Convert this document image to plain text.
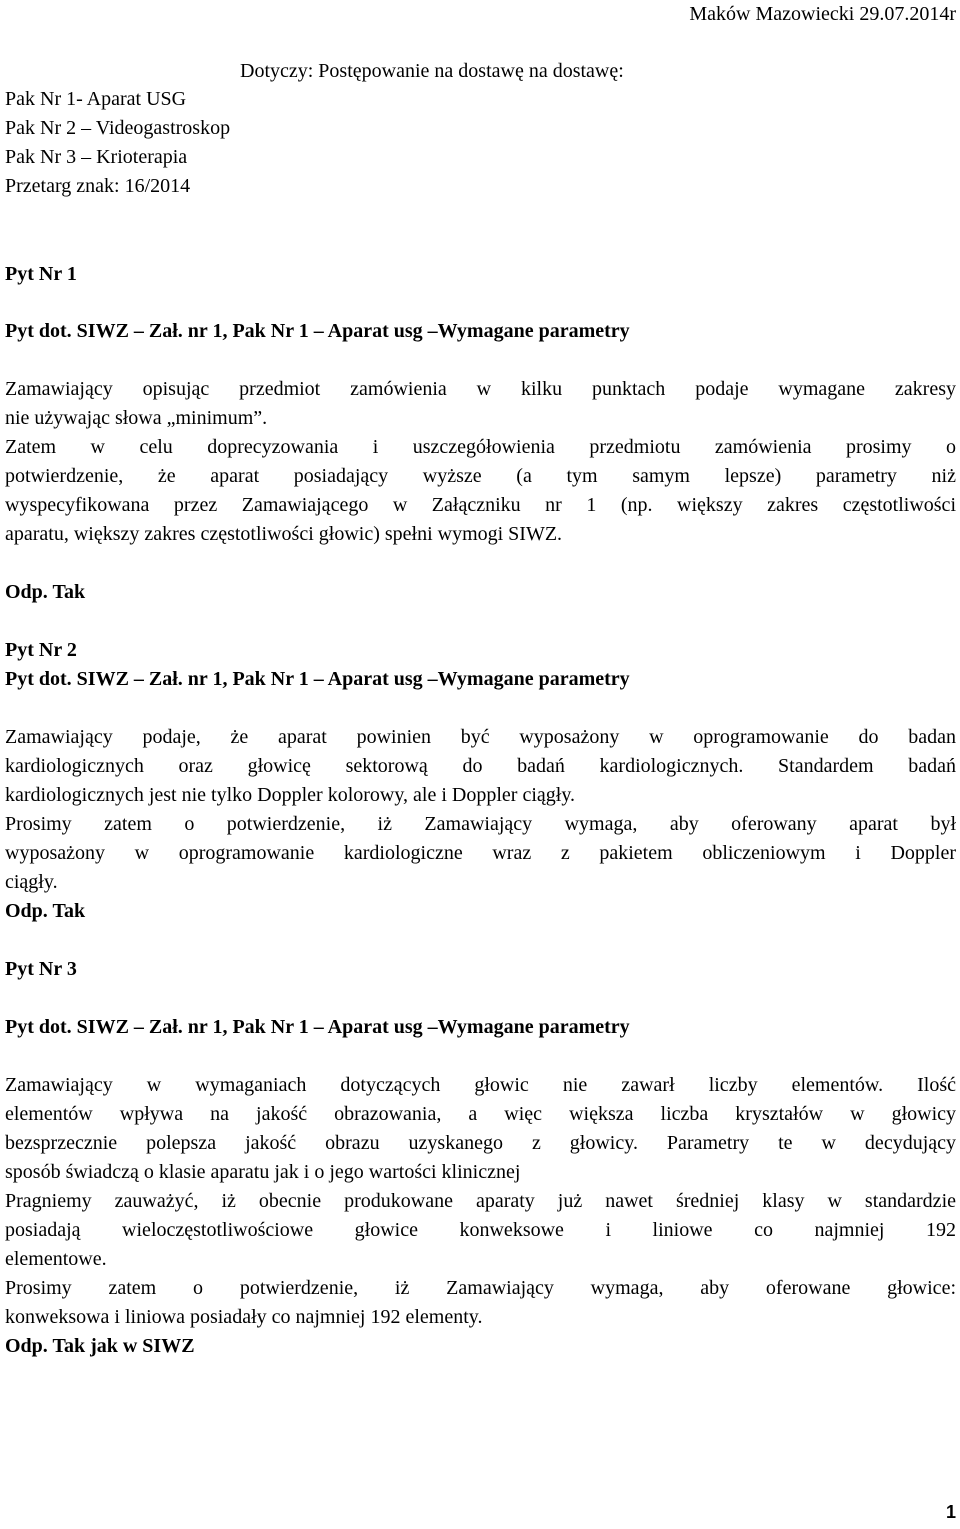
Maków Mazowiecki 29.07.2014r
Dotyczy: Postępowanie na dostawę na dostawę:
Pak Nr 1- Aparat USG
Pak Nr 2 – Videogastroskop
Pak Nr 3 – Krioterapia
Przetarg znak: 16/2014
Pyt Nr 1
Pyt dot. SIWZ – Zał. nr 1, Pak Nr 1 – Aparat usg –Wymagane parametry
Zamawiający opisując przedmiot zamówienia w kilku punktach podaje wymagane zakresy
nie używając słowa „minimum”.
Zatem w celu doprecyzowania i uszczegółowienia przedmiotu zamówienia prosimy o
potwierdzenie, że aparat posiadający wyższe (a tym samym lepsze) parametry niż
wyspecyfikowana przez Zamawiającego w Załączniku nr 1 (np. większy zakres częstotliwości
aparatu, większy zakres częstotliwości głowic) spełni wymogi SIWZ.
Odp. Tak
Pyt Nr 2
Pyt dot. SIWZ – Zał. nr 1, Pak Nr 1 – Aparat usg –Wymagane parametry
Zamawiający podaje, że aparat powinien być wyposażony w oprogramowanie do badan
kardiologicznych oraz głowicę sektorową do badań kardiologicznych. Standardem badań
kardiologicznych jest nie tylko Doppler kolorowy, ale i Doppler ciągły.
Prosimy zatem o potwierdzenie, iż Zamawiający wymaga, aby oferowany aparat był
wyposażony w oprogramowanie kardiologiczne wraz z pakietem obliczeniowym i Doppler
ciągły.
Odp. Tak
Pyt Nr 3
Pyt dot. SIWZ – Zał. nr 1, Pak Nr 1 – Aparat usg –Wymagane parametry
Zamawiający w wymaganiach dotyczących głowic nie zawarł liczby elementów. Ilość
elementów wpływa na jakość obrazowania, a więc większa liczba kryształów w głowicy
bezsprzecznie polepsza jakość obrazu uzyskanego z głowicy. Parametry te w decydujący
sposób świadczą o klasie aparatu jak i o jego wartości klinicznej
Pragniemy zauważyć, iż obecnie produkowane aparaty już nawet średniej klasy w standardzie
posiadają wieloczęstotliwościowe głowice konweksowe i liniowe co najmniej 192
elementowe.
Prosimy zatem o potwierdzenie, iż Zamawiający wymaga, aby oferowane głowice:
konweksowa i liniowa posiadały co najmniej 192 elementy.
Odp. Tak jak w SIWZ
1
